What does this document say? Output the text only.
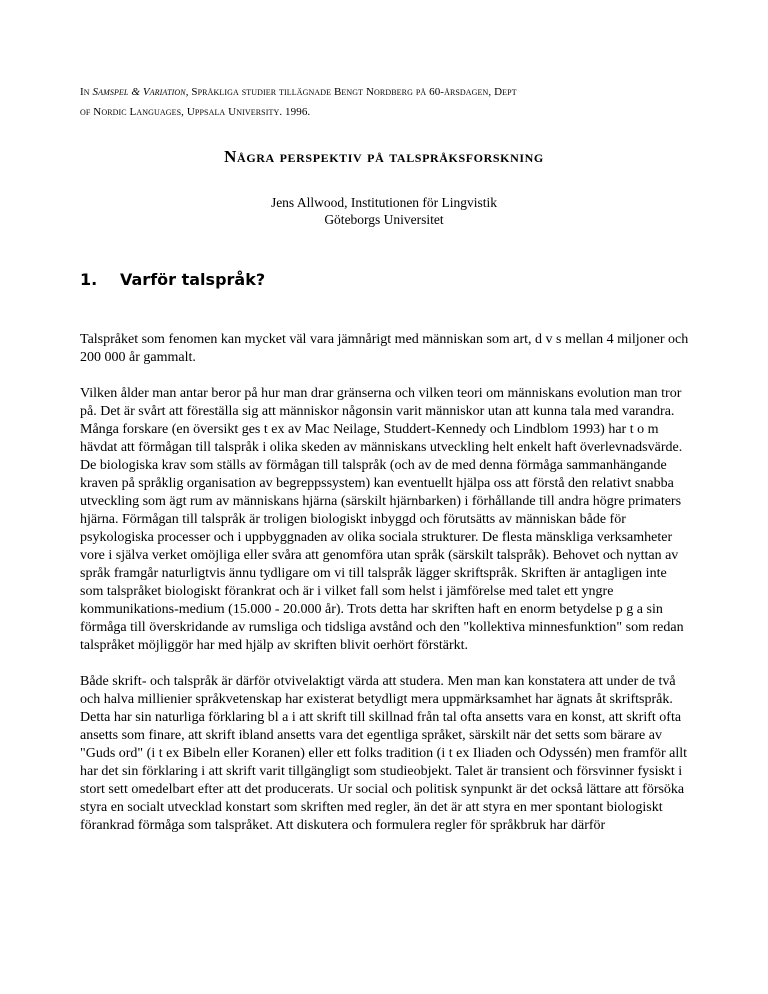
In Samspel & Variation, Språkliga studier tillägnade Bengt Nordberg på 60-årsdagen, Dept
of Nordic Languages, Uppsala University. 1996.
Några perspektiv på talspråksforskning
Jens Allwood, Institutionen för Lingvistik
Göteborgs Universitet
1. Varför talspråk?

Talspråket som fenomen kan mycket väl vara jämnårigt med människan som art, d v s mellan 4 miljoner och 200 000 år gammalt.

Vilken ålder man antar beror på hur man drar gränserna och vilken teori om människans evolution man tror på. Det är svårt att föreställa sig att människor någonsin varit människor utan att kunna tala med varandra. Många forskare (en översikt ges t ex av Mac Neilage, Studdert-Kennedy och Lindblom 1993) har t o m hävdat att förmågan till talspråk i olika skeden av människans utveckling helt enkelt haft överlevnadsvärde. De biologiska krav som ställs av förmågan till talspråk (och av de med denna förmåga sammanhängande kraven på språklig organisation av begreppssystem) kan eventuellt hjälpa oss att förstå den relativt snabba utveckling som ägt rum av människans hjärna (särskilt hjärnbarken) i förhållande till andra högre primaters hjärna. Förmågan till talspråk är troligen biologiskt inbyggd och förutsätts av människan både för psykologiska processer och i uppbyggnaden av olika sociala strukturer. De flesta mänskliga verksamheter vore i själva verket omöjliga eller svåra att genomföra utan språk (särskilt talspråk). Behovet och nyttan av språk framgår naturligtvis ännu tydligare om vi till talspråk lägger skriftspråk. Skriften är antagligen inte som talspråket biologiskt förankrat och är i vilket fall som helst i jämförelse med talet ett yngre kommunikations-medium (15.000 - 20.000 år). Trots detta har skriften haft en enorm betydelse p g a sin förmåga till överskridande av rumsliga och tidsliga avstånd och den "kollektiva minnesfunktion" som redan talspråket möjliggör har med hjälp av skriften blivit oerhört förstärkt.

Både skrift- och talspråk är därför otvivelaktigt värda att studera. Men man kan konstatera att under de två och halva millienier språkvetenskap har existerat betydligt mera uppmärksamhet har ägnats åt skriftspråk. Detta har sin naturliga förklaring bl a i att skrift till skillnad från tal ofta ansetts vara en konst, att skrift ofta ansetts som finare, att skrift ibland ansetts vara det egentliga språket, särskilt när det setts som bärare av "Guds ord" (i t ex Bibeln eller Koranen) eller ett folks tradition (i t ex Iliaden och Odyssén) men framför allt har det sin förklaring i att skrift varit tillgängligt som studieobjekt. Talet är transient och försvinner fysiskt i stort sett omedelbart efter att det producerats. Ur social och politisk synpunkt är det också lättare att försöka styra en socialt utvecklad konstart som skriften med regler, än det är att styra en mer spontant biologiskt förankrad förmåga som talspråket. Att diskutera och formulera regler för språkbruk har därför
